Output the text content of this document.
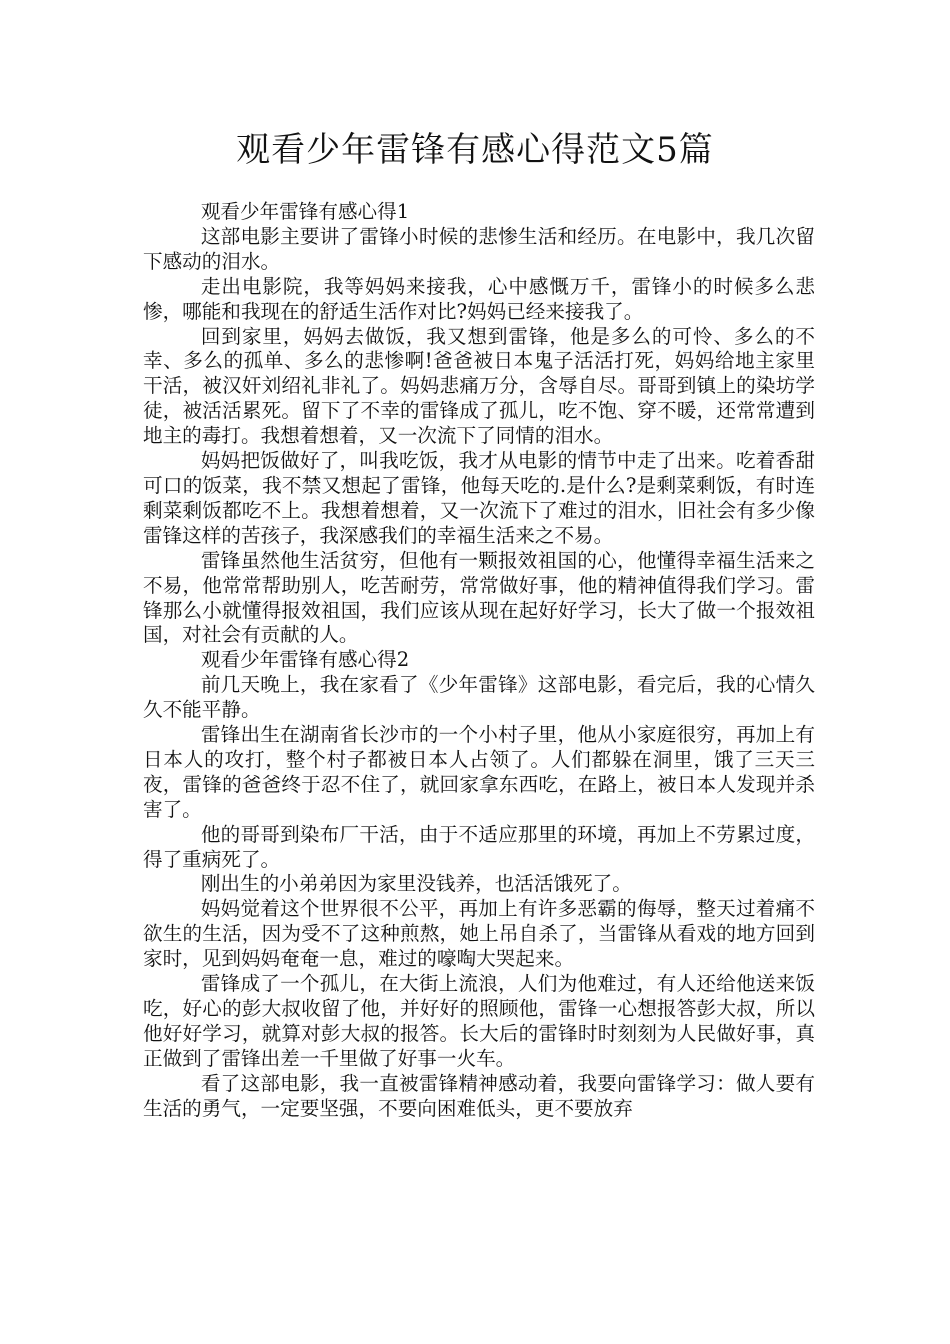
观看少年雷锋有感心得范文5篇

观看少年雷锋有感心得1

这部电影主要讲了雷锋小时候的悲惨生活和经历。在电影中，我几次留下感动的泪水。

走出电影院，我等妈妈来接我，心中感慨万千，雷锋小的时候多么悲惨，哪能和我现在的舒适生活作对比?妈妈已经来接我了。

回到家里，妈妈去做饭，我又想到雷锋，他是多么的可怜、多么的不幸、多么的孤单、多么的悲惨啊!爸爸被日本鬼子活活打死，妈妈给地主家里干活，被汉奸刘绍礼非礼了。妈妈悲痛万分，含辱自尽。哥哥到镇上的染坊学徒，被活活累死。留下了不幸的雷锋成了孤儿，吃不饱、穿不暖，还常常遭到地主的毒打。我想着想着，又一次流下了同情的泪水。

妈妈把饭做好了，叫我吃饭，我才从电影的情节中走了出来。吃着香甜可口的饭菜，我不禁又想起了雷锋，他每天吃的.是什么?是剩菜剩饭，有时连剩菜剩饭都吃不上。我想着想着，又一次流下了难过的泪水，旧社会有多少像雷锋这样的苦孩子，我深感我们的幸福生活来之不易。

雷锋虽然他生活贫穷，但他有一颗报效祖国的心，他懂得幸福生活来之不易，他常常帮助别人，吃苦耐劳，常常做好事，他的精神值得我们学习。雷锋那么小就懂得报效祖国，我们应该从现在起好好学习，长大了做一个报效祖国，对社会有贡献的人。

观看少年雷锋有感心得2

前几天晚上，我在家看了《少年雷锋》这部电影，看完后，我的心情久久不能平静。

雷锋出生在湖南省长沙市的一个小村子里，他从小家庭很穷，再加上有日本人的攻打，整个村子都被日本人占领了。人们都躲在洞里，饿了三天三夜，雷锋的爸爸终于忍不住了，就回家拿东西吃，在路上，被日本人发现并杀害了。

他的哥哥到染布厂干活，由于不适应那里的环境，再加上不劳累过度，得了重病死了。

刚出生的小弟弟因为家里没钱养，也活活饿死了。

妈妈觉着这个世界很不公平，再加上有许多恶霸的侮辱，整天过着痛不欲生的生活，因为受不了这种煎熬，她上吊自杀了，当雷锋从看戏的地方回到家时，见到妈妈奄奄一息，难过的嚎啕大哭起来。

雷锋成了一个孤儿，在大街上流浪，人们为他难过，有人还给他送来饭吃，好心的彭大叔收留了他，并好好的照顾他，雷锋一心想报答彭大叔，所以他好好学习，就算对彭大叔的报答。长大后的雷锋时时刻刻为人民做好事，真正做到了雷锋出差一千里做了好事一火车。

看了这部电影，我一直被雷锋精神感动着，我要向雷锋学习：做人要有生活的勇气，一定要坚强，不要向困难低头，更不要放弃
